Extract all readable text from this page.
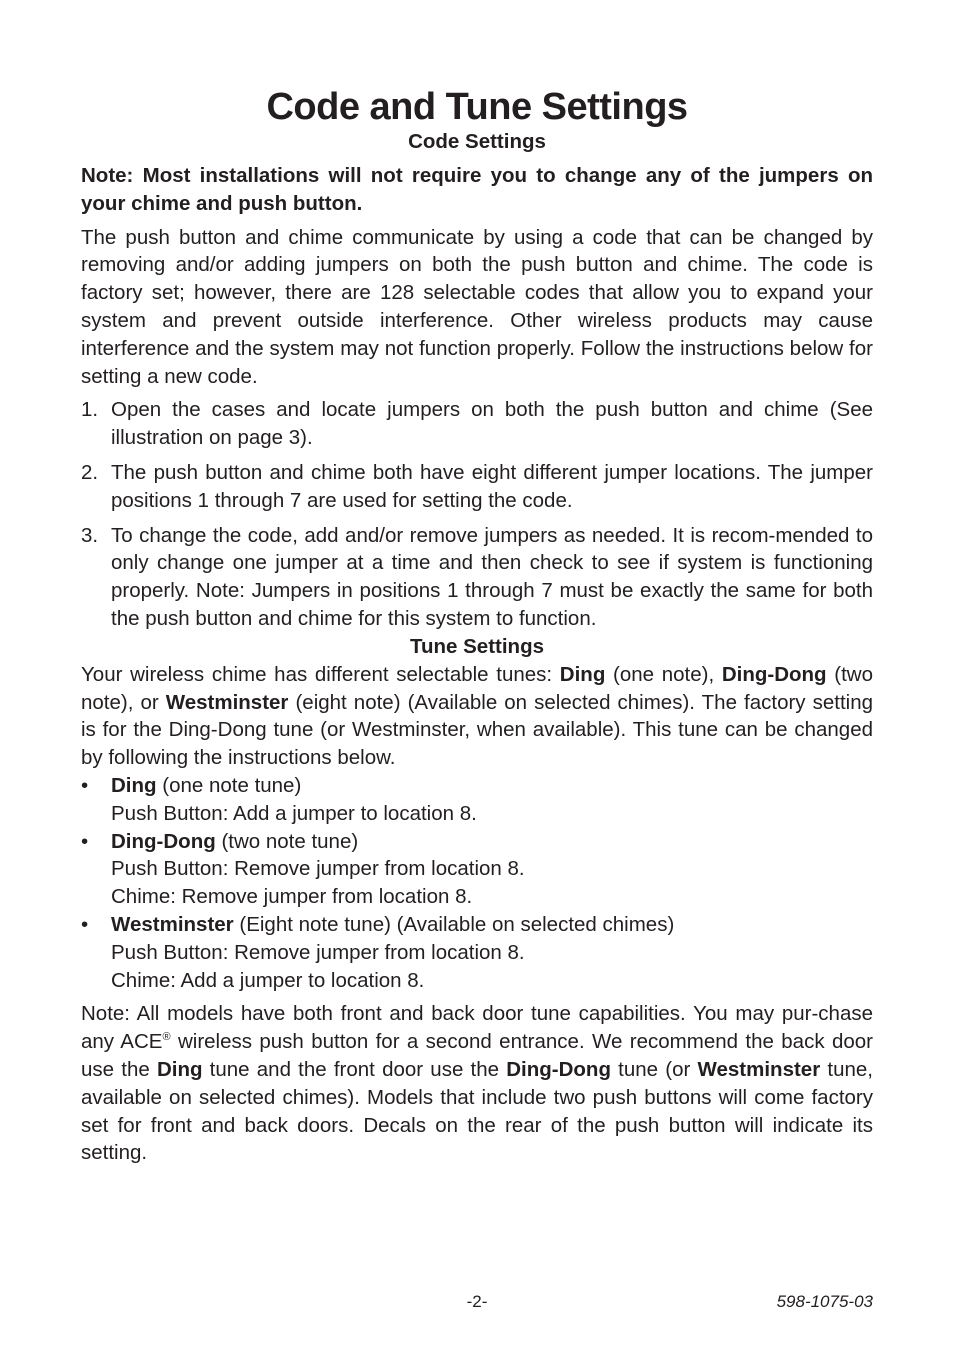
Code and Tune Settings
Code Settings

Note: Most installations will not require you to change any of the jumpers on your chime and push button.

The push button and chime communicate by using a code that can be changed by removing and/or adding jumpers on both the push button and chime. The code is factory set; however, there are 128 selectable codes that allow you to expand your system and prevent outside interference. Other wireless products may cause interference and the system may not function properly. Follow the instructions below for setting a new code.

1. Open the cases and locate jumpers on both the push button and chime (See illustration on page 3).
2. The push button and chime both have eight different jumper locations. The jumper positions 1 through 7 are used for setting the code.
3. To change the code, add and/or remove jumpers as needed. It is recom-mended to only change one jumper at a time and then check to see if system is functioning properly. Note: Jumpers in positions 1 through 7 must be exactly the same for both the push button and chime for this system to function.
Tune Settings

Your wireless chime has different selectable tunes: Ding (one note), Ding-Dong (two note), or Westminster (eight note) (Available on selected chimes). The factory setting is for the Ding-Dong tune (or Westminster, when available). This tune can be changed by following the instructions below.

•	Ding (one note tune)

Push Button: Add a jumper to location 8.

•	Ding-Dong (two note tune)

Push Button: Remove jumper from location 8.

Chime: Remove jumper from location 8.

•	Westminster (Eight note tune) (Available on selected chimes)

Push Button: Remove jumper from location 8.

Chime: Add a jumper to location 8.

Note: All models have both front and back door tune capabilities. You may pur-chase any ACE® wireless push button for a second entrance. We recommend the back door use the Ding tune and the front door use the Ding-Dong tune (or Westminster tune, available on selected chimes). Models that include two push buttons will come factory set for front and back doors. Decals on the rear of the push button will indicate its setting.

-2-	598-1075-03
